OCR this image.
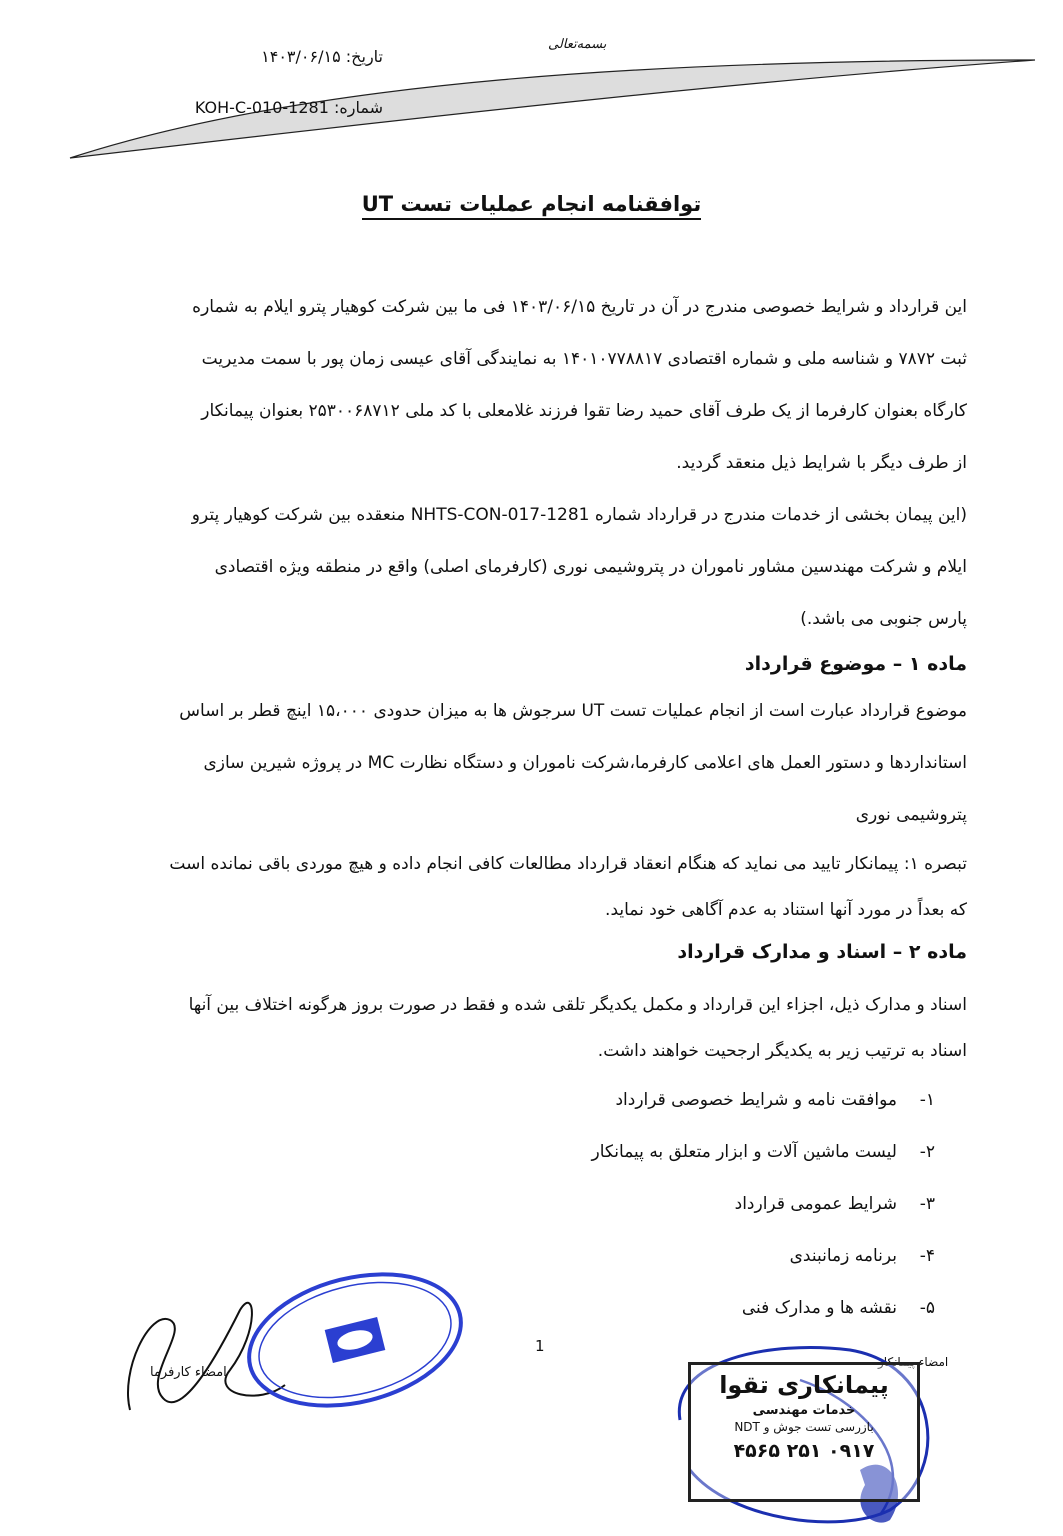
بسمه‌تعالی
تاریخ: ۱۴۰۳/۰۶/۱۵
شماره: 1281-KOH-C-010
توافقنامه انجام عملیات تست UT
این قرارداد و شرایط خصوصی مندرج در آن در تاریخ ۱۴۰۳/۰۶/۱۵ فی ما بین شرکت کوهیار پترو ایلام به شماره
ثبت ۷۸۷۲ و شناسه ملی و شماره اقتصادی ۱۴۰۱۰۷۷۸۸۱۷ به نمایندگی آقای عیسی زمان پور با سمت مدیریت
کارگاه بعنوان کارفرما از یک طرف آقای حمید رضا تقوا فرزند غلامعلی با کد ملی ۲۵۳۰۰۶۸۷۱۲ بعنوان پیمانکار
از طرف دیگر با شرایط ذیل منعقد گردید.
(این پیمان بخشی از خدمات مندرج در قرارداد شماره 1281-NHTS-CON-017 منعقده بین شرکت کوهیار پترو
ایلام و شرکت مهندسین مشاور ناموران در پتروشیمی نوری (کارفرمای اصلی) واقع در منطقه ویژه اقتصادی
پارس جنوبی می باشد.)
ماده ۱ – موضوع قرارداد
موضوع قرارداد عبارت است از انجام عملیات تست UT سرجوش ها به میزان حدودی ۱۵،۰۰۰ اینچ قطر بر اساس
استانداردها و دستور العمل های اعلامی کارفرما،شرکت ناموران و دستگاه نظارت MC در پروژه شیرین سازی
پتروشیمی نوری
تبصره ۱: پیمانکار تایید می نماید که هنگام انعقاد قرارداد مطالعات کافی انجام داده و هیچ موردی باقی نمانده است
که بعداً در مورد آنها استناد به عدم آگاهی خود نماید.
ماده ۲ – اسناد و مدارک قرارداد
اسناد و مدارک ذیل، اجزاء این قرارداد و مکمل یکدیگر تلقی شده و فقط در صورت بروز هرگونه اختلاف بین آنها
اسناد به ترتیب زیر به یکدیگر ارجحیت خواهند داشت.
۱-
موافقت نامه و شرایط خصوصی قرارداد
۲-
لیست ماشین آلات و ابزار متعلق به پیمانکار
۳-
شرایط عمومی قرارداد
۴-
برنامه زمانبندی
۵-
نقشه ها و مدارک فنی
1
امضاء کارفرما
امضاء پیمانکار
پیمانکاری تقوا
خدمات مهندسی
بازرسی تست جوش و NDT
۰۹۱۷ ۲۵۱ ۴۵۶۵
